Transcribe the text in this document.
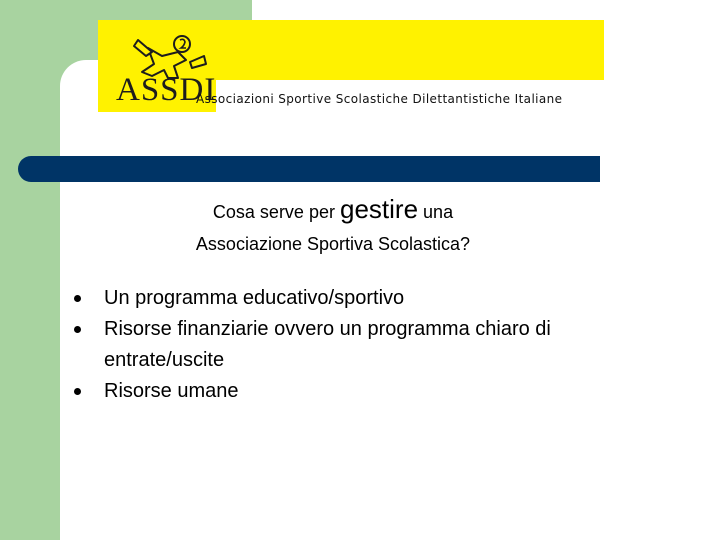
ASSDI
Associazioni Sportive Scolastiche Dilettantistiche Italiane
Cosa serve per gestire una
Associazione Sportiva Scolastica?
Un programma educativo/sportivo
Risorse finanziarie ovvero un programma chiaro di entrate/uscite
Risorse umane
